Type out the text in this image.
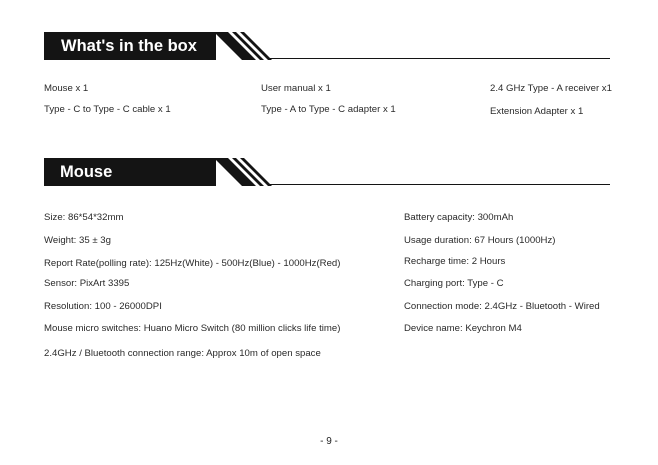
What's in the box
Mouse x 1	User manual x 1	2.4 GHz Type - A receiver x1
Type - C to Type - C cable x 1	Type - A to Type - C adapter x 1	Extension Adapter x 1
Mouse specification
Size: 86*54*32mm
Weight: 35 ± 3g
Report Rate(polling rate): 125Hz(White) - 500Hz(Blue) - 1000Hz(Red)
Sensor: PixArt 3395
Resolution: 100 - 26000DPI
Mouse micro switches: Huano Micro Switch (80 million clicks life time)
2.4GHz / Bluetooth connection range: Approx 10m of open space
Battery capacity: 300mAh
Usage duration: 67 Hours (1000Hz)
Recharge time: 2 Hours
Charging port: Type - C
Connection mode: 2.4GHz - Bluetooth - Wired
Device name: Keychron M4
- 9 -
